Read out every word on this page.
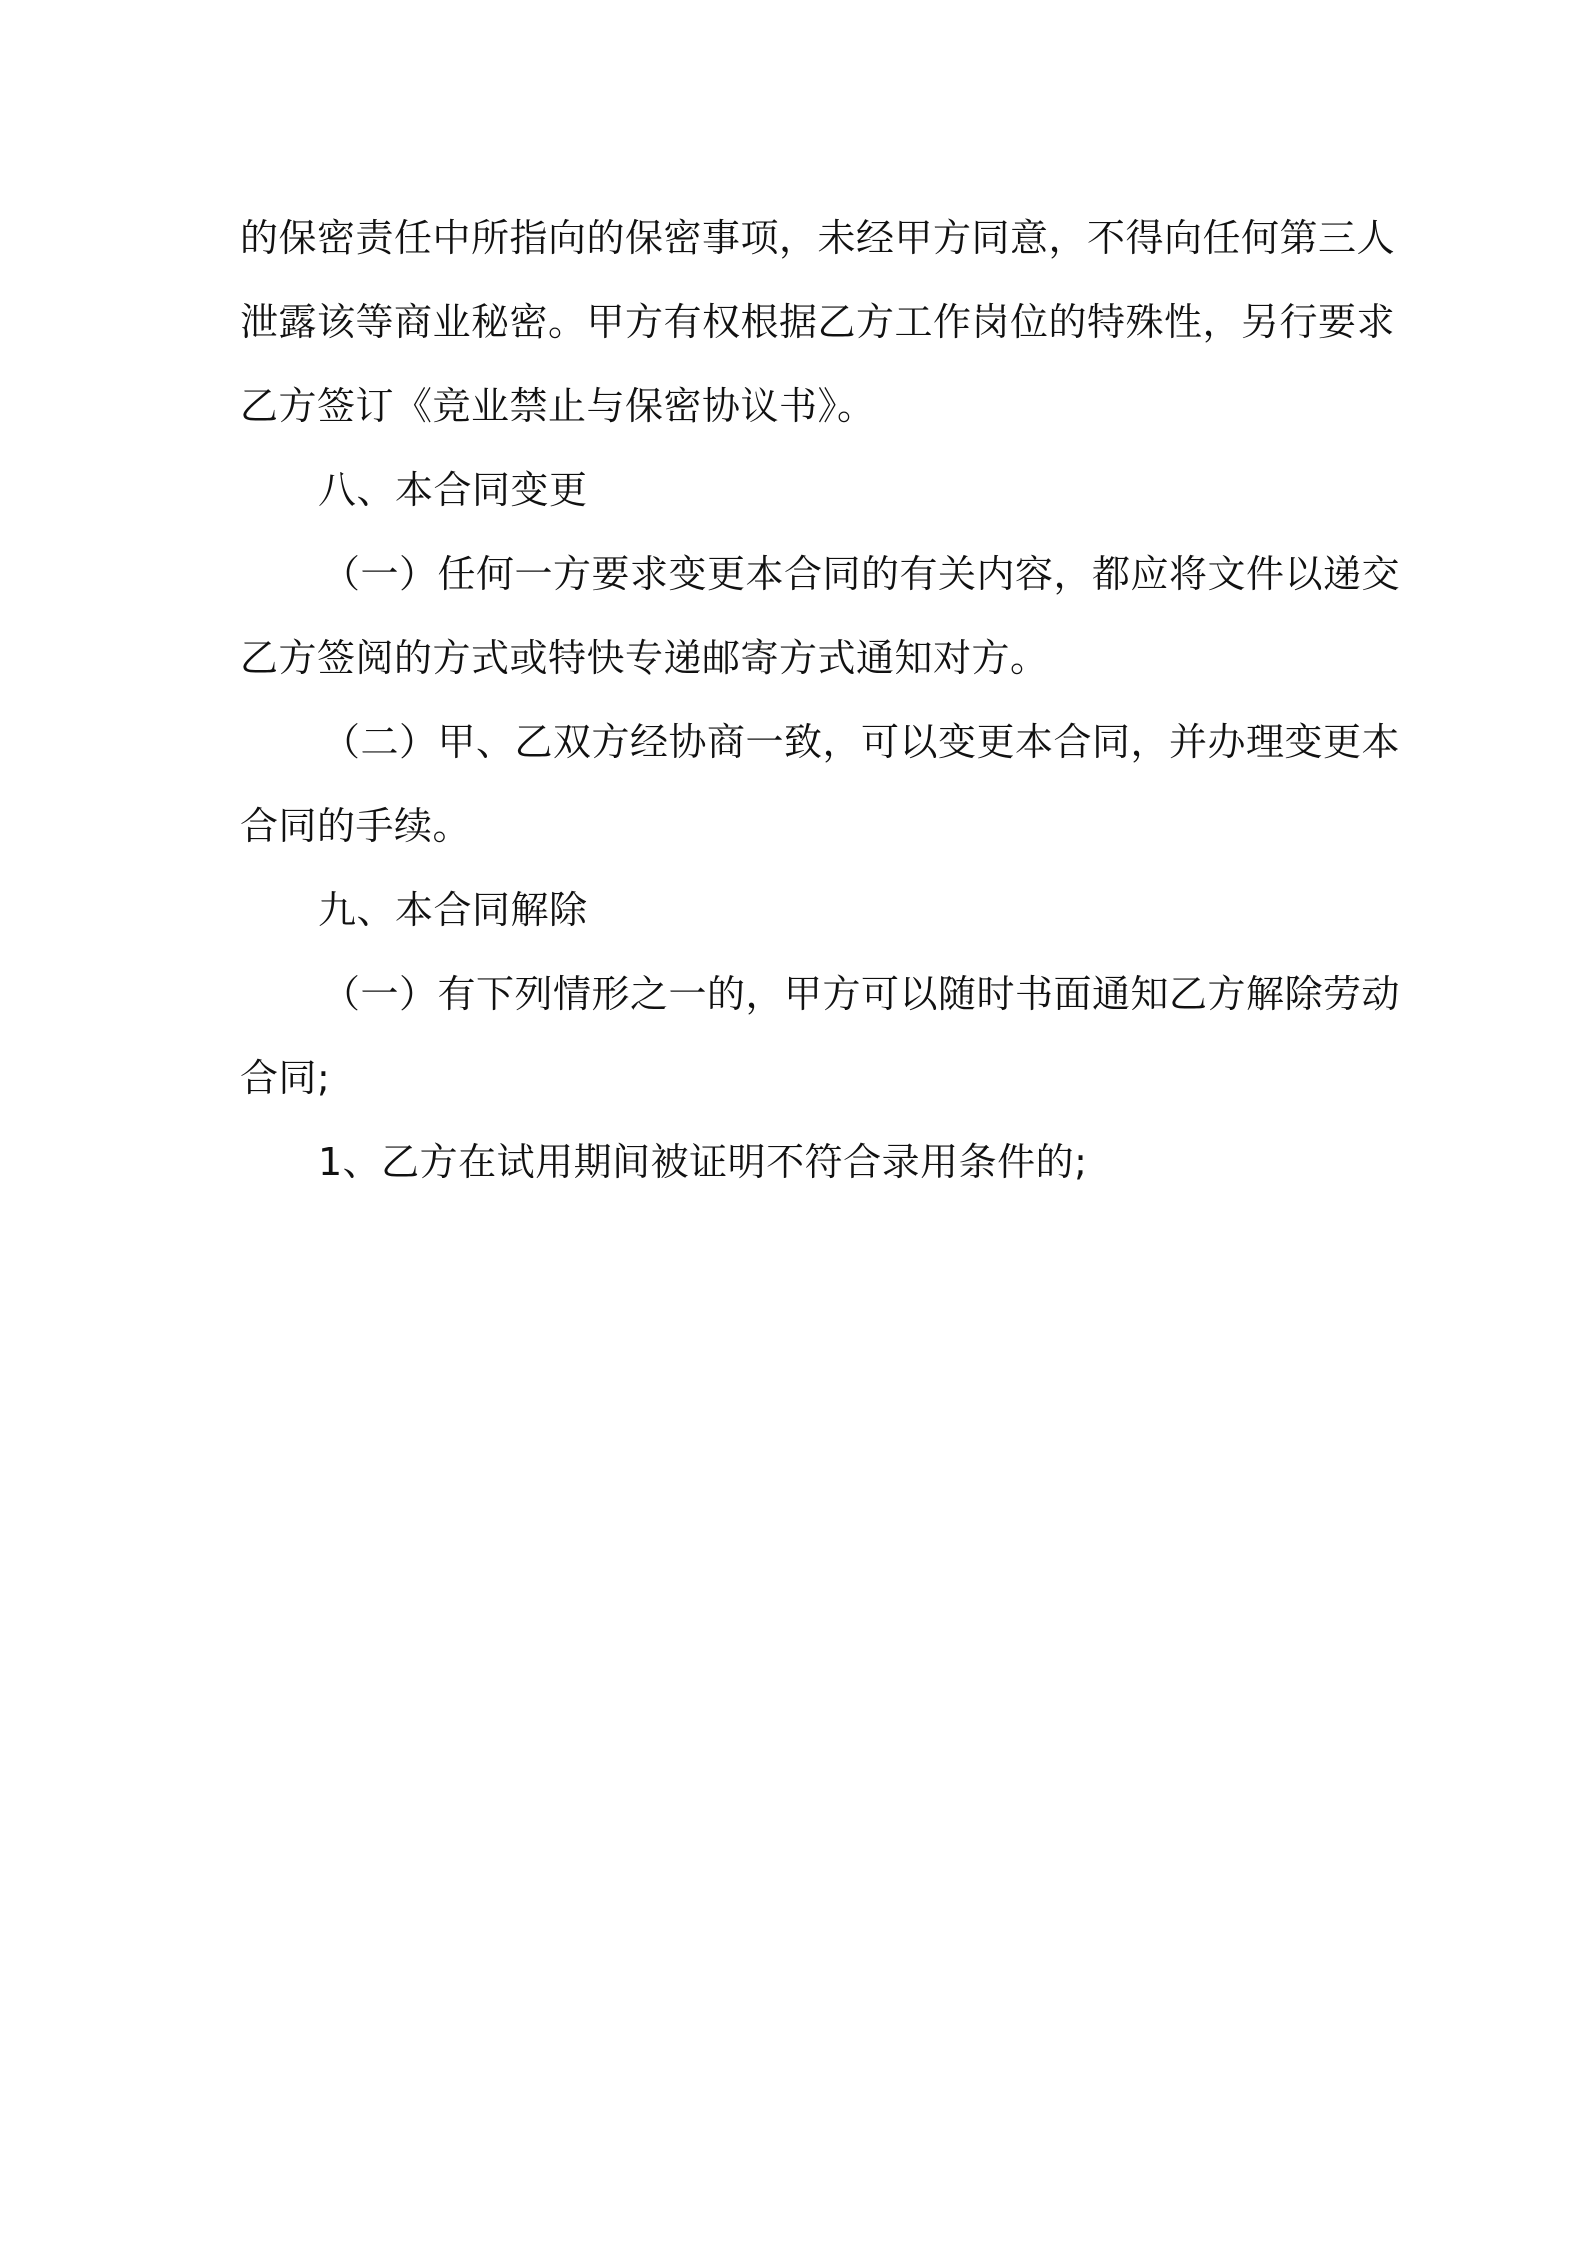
的保密责任中所指向的保密事项，未经甲方同意，不得向任何第三人
泄露该等商业秘密。甲方有权根据乙方工作岗位的特殊性，另行要求
乙方签订《竞业禁止与保密协议书》。
八、本合同变更
（一）任何一方要求变更本合同的有关内容，都应将文件以递交
乙方签阅的方式或特快专递邮寄方式通知对方。
（二）甲、乙双方经协商一致，可以变更本合同，并办理变更本
合同的手续。
九、本合同解除
（一）有下列情形之一的，甲方可以随时书面通知乙方解除劳动
合同;
1、乙方在试用期间被证明不符合录用条件的;
